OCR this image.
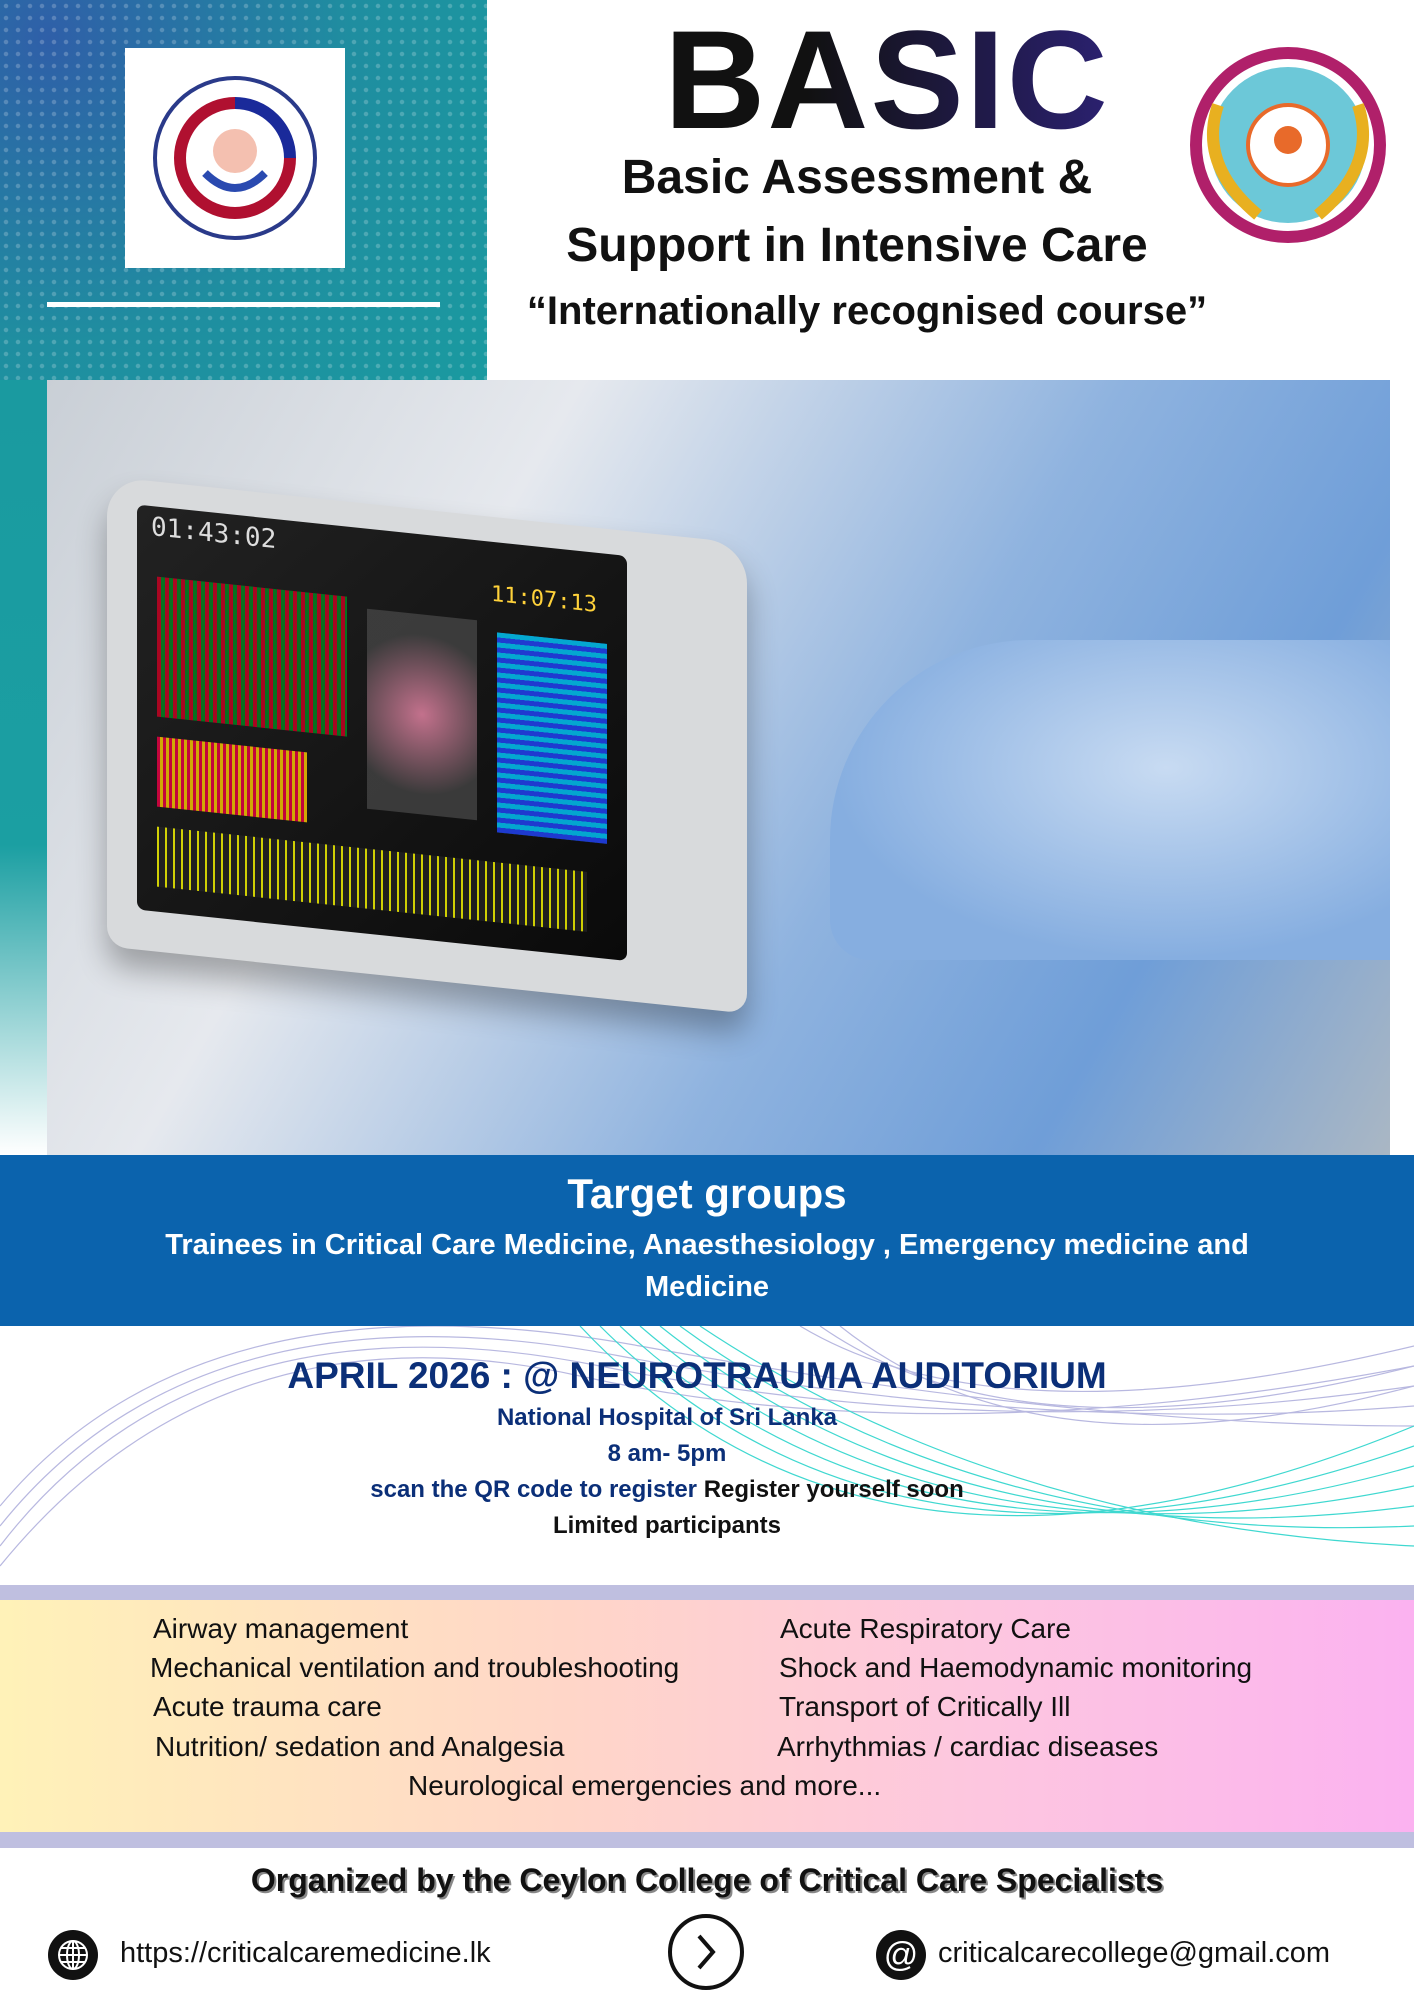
BASIC
Basic Assessment &
Support in Intensive Care
“Internationally recognised course”
01:43:02
11:07:13
Target groups

Trainees in Critical Care Medicine, Anaesthesiology , Emergency medicine and Medicine

APRIL 2026 : @ NEUROTRAUMA AUDITORIUM
National Hospital of Sri Lanka
8 am- 5pm
scan the QR code to register Register yourself soon
Limited participants
Airway management
Mechanical ventilation and troubleshooting
Acute trauma care
Nutrition/ sedation and Analgesia
Acute Respiratory Care
Shock and Haemodynamic monitoring
Transport of Critically Ill
Arrhythmias / cardiac diseases
Neurological emergencies and more...
Organized by the Ceylon College of Critical Care Specialists
https://criticalcaremedicine.lk	@ criticalcarecollege@gmail.com
